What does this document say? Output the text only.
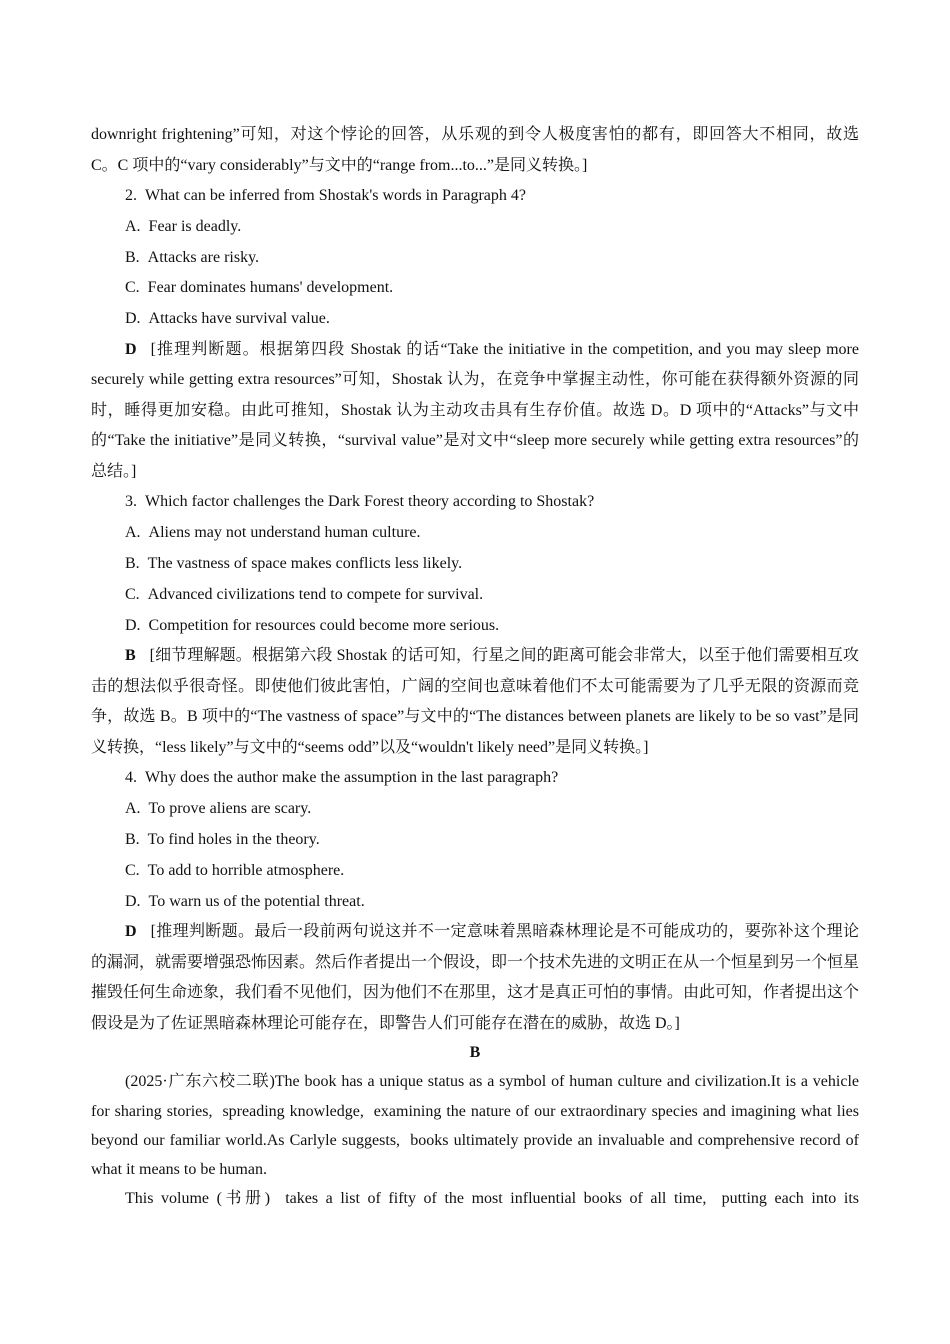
downright frightening”可知，对这个悖论的回答，从乐观的到令人极度害怕的都有，即回答大不相同，故选 C。C 项中的“vary considerably”与文中的“range from...to...”是同义转换。]

2.  What can be inferred from Shostak's words in Paragraph 4?

A.  Fear is deadly.

B.  Attacks are risky.

C.  Fear dominates humans' development.

D.  Attacks have survival value.

D [推理判断题。根据第四段 Shostak 的话“Take the initiative in the competition, and you may sleep more securely while getting extra resources”可知，Shostak 认为，在竞争中掌握主动性，你可能在获得额外资源的同时，睡得更加安稳。由此可推知，Shostak 认为主动攻击具有生存价值。故选 D。D 项中的“Attacks”与文中的“Take the initiative”是同义转换，“survival value”是对文中“sleep more securely while getting extra resources”的总结。]

3.  Which factor challenges the Dark Forest theory according to Shostak?

A.  Aliens may not understand human culture.

B.  The vastness of space makes conflicts less likely.

C.  Advanced civilizations tend to compete for survival.

D.  Competition for resources could become more serious.

B [细节理解题。根据第六段 Shostak 的话可知，行星之间的距离可能会非常大，以至于他们需要相互攻击的想法似乎很奇怪。即使他们彼此害怕，广阔的空间也意味着他们不太可能需要为了几乎无限的资源而竞争，故选 B。B 项中的“The vastness of space”与文中的“The distances between planets are likely to be so vast”是同义转换，“less likely”与文中的“seems odd”以及“wouldn't likely need”是同义转换。]

4.  Why does the author make the assumption in the last paragraph?

A.  To prove aliens are scary.

B.  To find holes in the theory.

C.  To add to horrible atmosphere.

D.  To warn us of the potential threat.

D [推理判断题。最后一段前两句说这并不一定意味着黑暗森林理论是不可能成功的，要弥补这个理论的漏洞，就需要增强恐怖因素。然后作者提出一个假设，即一个技术先进的文明正在从一个恒星到另一个恒星摧毁任何生命迹象，我们看不见他们，因为他们不在那里，这才是真正可怕的事情。由此可知，作者提出这个假设是为了佐证黑暗森林理论可能存在，即警告人们可能存在潜在的威胁，故选 D。]

B

(2025·广东六校二联)The book has a unique status as a symbol of human culture and civilization.It is a vehicle for sharing stories,  spreading knowledge,  examining the nature of our extraordinary species and imagining what lies beyond our familiar world.As Carlyle suggests,  books ultimately provide an invaluable and comprehensive record of what it means to be human.

This volume (书册)  takes a list of fifty of the most influential books of all time,  putting each into its
